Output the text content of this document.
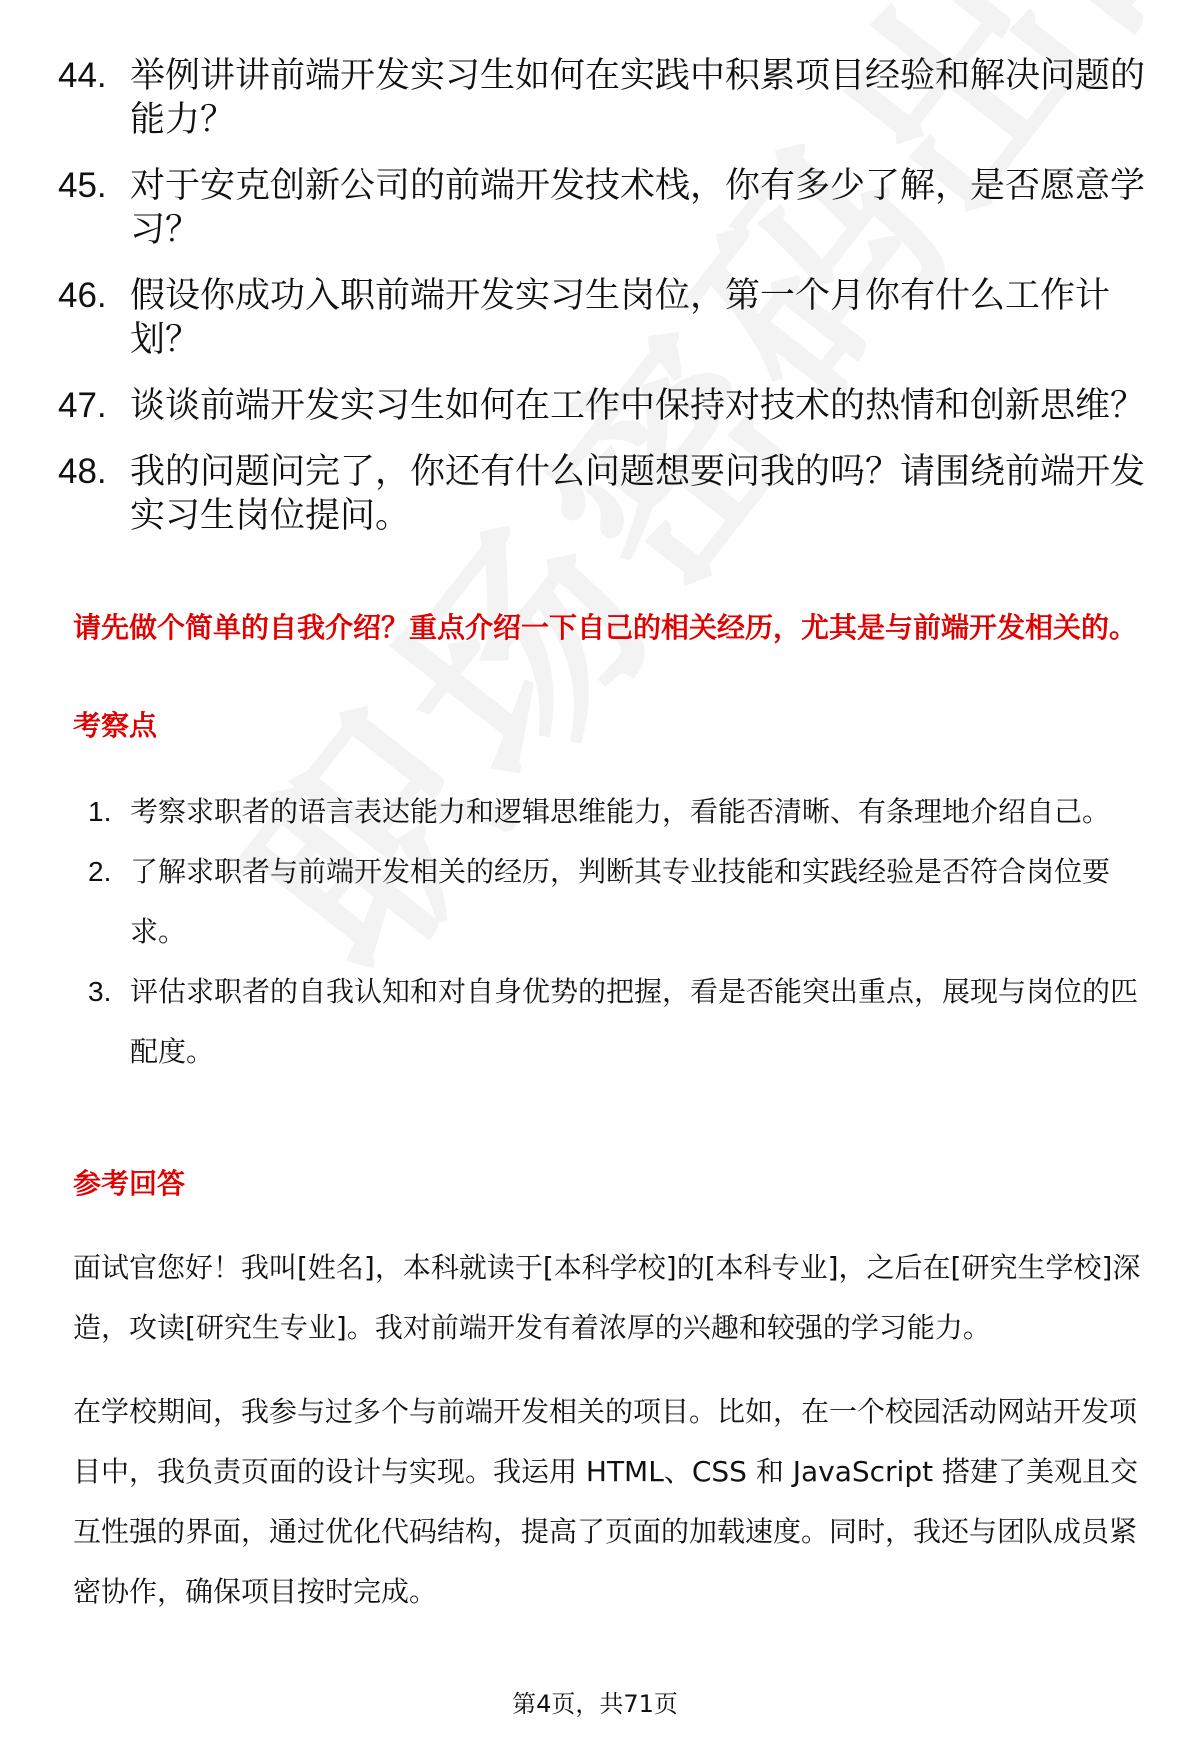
44. 举例讲讲前端开发实习生如何在实践中积累项目经验和解决问题的能力？
45. 对于安克创新公司的前端开发技术栈，你有多少了解，是否愿意学习？
46. 假设你成功入职前端开发实习生岗位，第一个月你有什么工作计划？
47. 谈谈前端开发实习生如何在工作中保持对技术的热情和创新思维？
48. 我的问题问完了，你还有什么问题想要问我的吗？请围绕前端开发实习生岗位提问。
请先做个简单的自我介绍？重点介绍一下自己的相关经历，尤其是与前端开发相关的。
考察点
1. 考察求职者的语言表达能力和逻辑思维能力，看能否清晰、有条理地介绍自己。
2. 了解求职者与前端开发相关的经历，判断其专业技能和实践经验是否符合岗位要求。
3. 评估求职者的自我认知和对自身优势的把握，看是否能突出重点，展现与岗位的匹配度。
参考回答
面试官您好！我叫[姓名]，本科就读于[本科学校]的[本科专业]，之后在[研究生学校]深造，攻读[研究生专业]。我对前端开发有着浓厚的兴趣和较强的学习能力。
在学校期间，我参与过多个与前端开发相关的项目。比如，在一个校园活动网站开发项目中，我负责页面的设计与实现。我运用 HTML、CSS 和 JavaScript 搭建了美观且交互性强的界面，通过优化代码结构，提高了页面的加载速度。同时，我还与团队成员紧密协作，确保项目按时完成。
第4页，共71页
